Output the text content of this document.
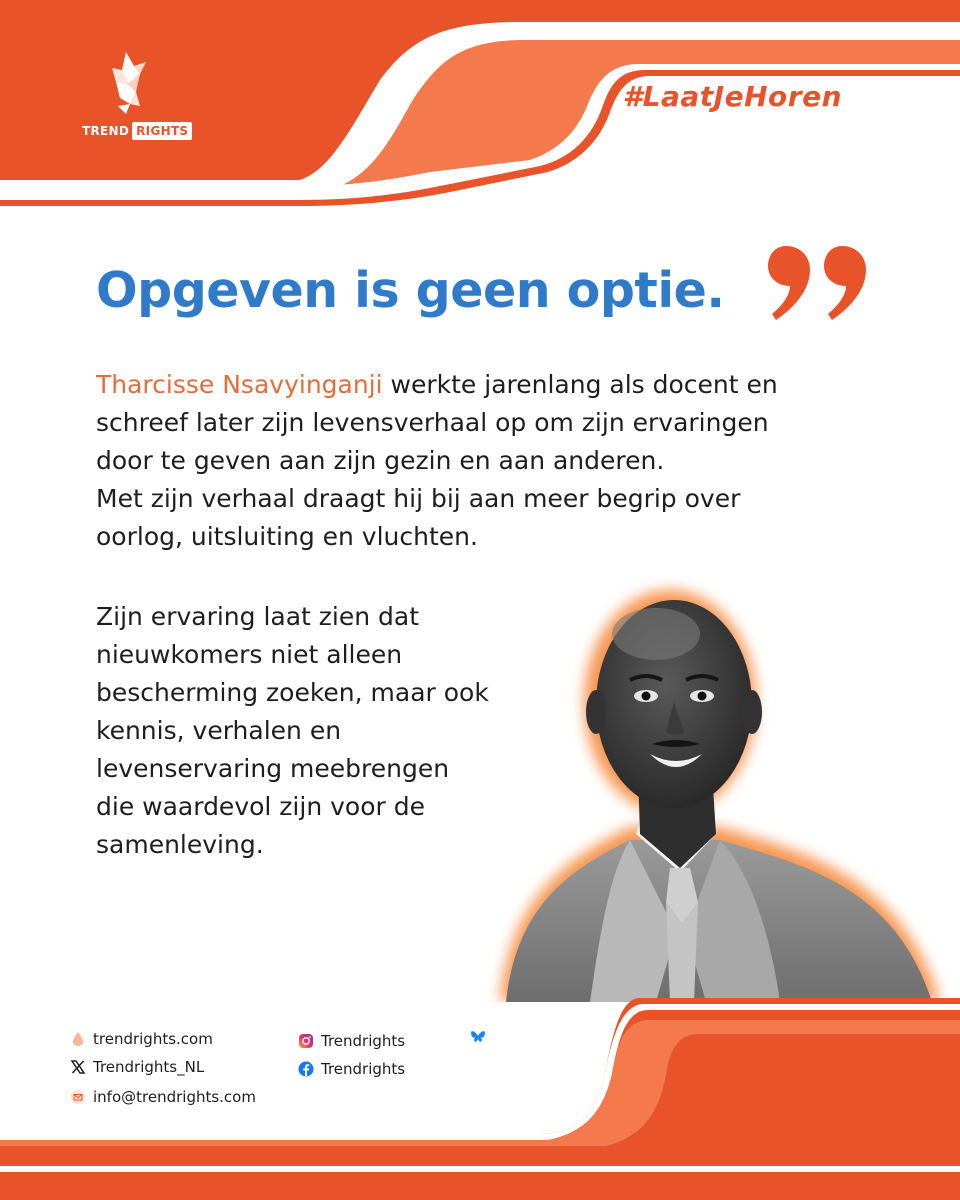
TREND RIGHTS
#LaatJeHoren
Opgeven is geen optie.

Tharcisse Nsavyinganji werkte jarenlang als docent en
schreef later zijn levensverhaal op om zijn ervaringen
door te geven aan zijn gezin en aan anderen.
Met zijn verhaal draagt hij bij aan meer begrip over
oorlog, uitsluiting en vluchten.

Zijn ervaring laat zien dat
nieuwkomers niet alleen
bescherming zoeken, maar ook
kennis, verhalen en
levenservaring meebrengen
die waardevol zijn voor de
samenleving.

trendrights.com
Trendrights_NL
info@trendrights.com
Trendrights
Trendrights
Trendrights
